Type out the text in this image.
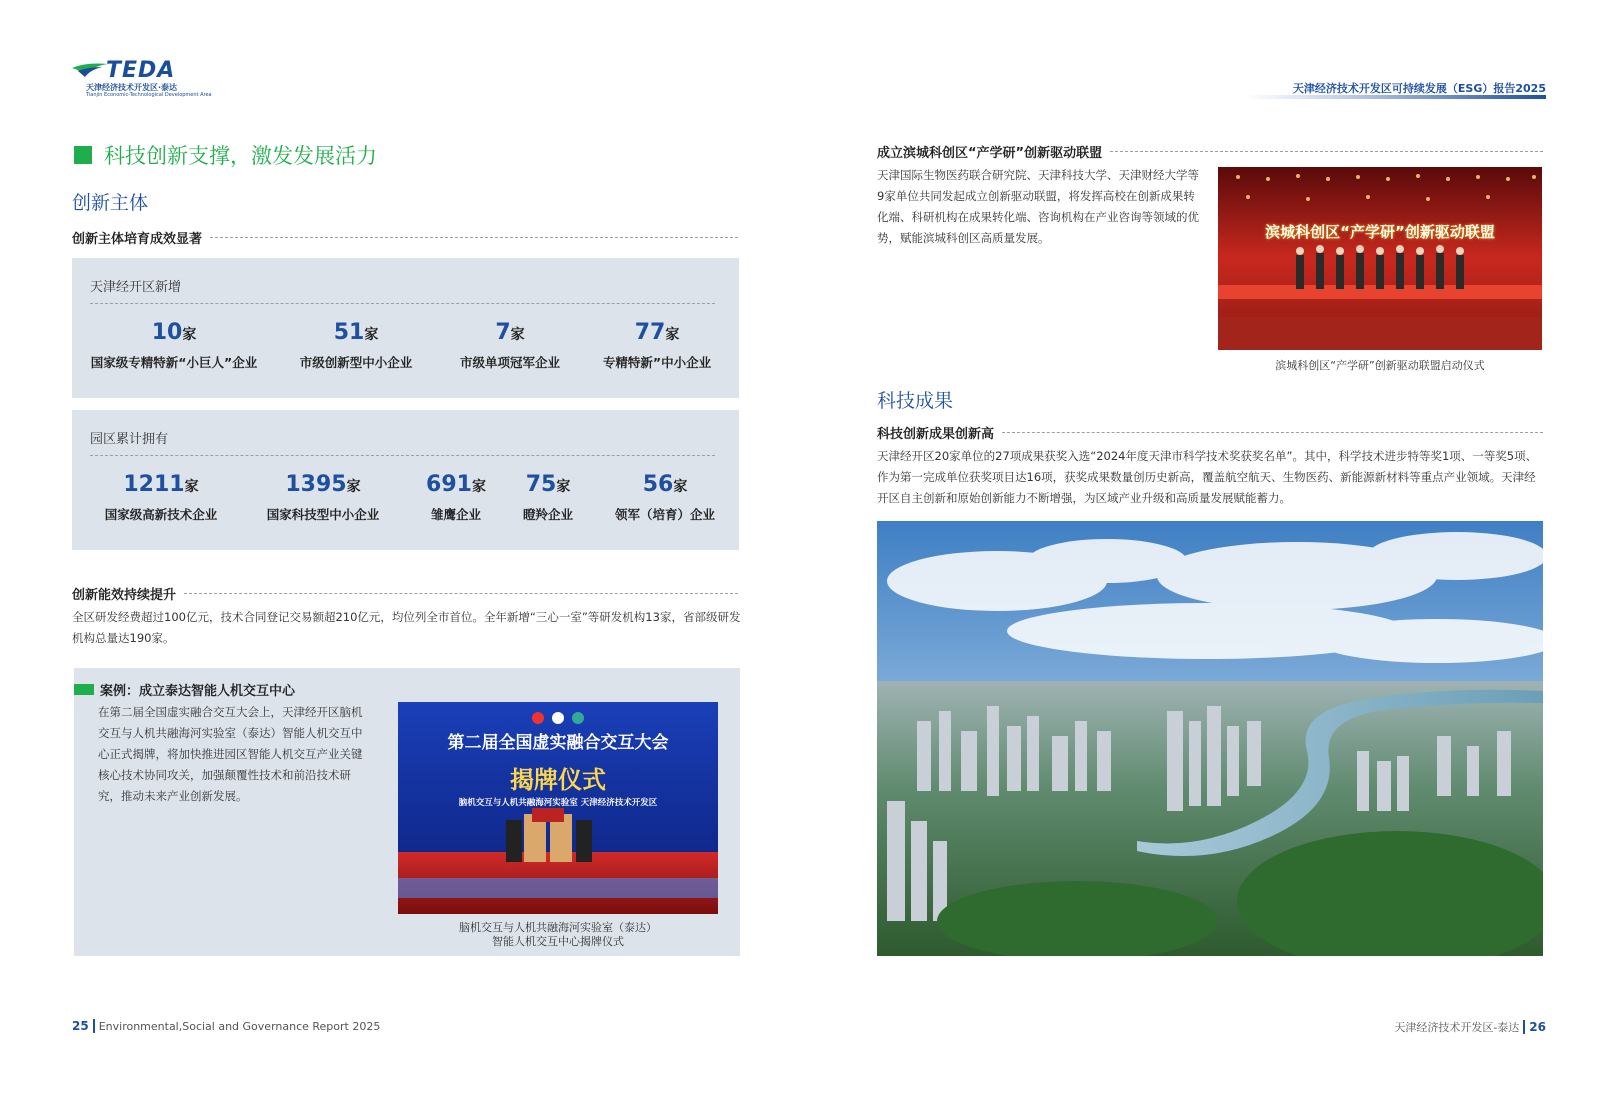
TEDA
天津经济技术开发区·泰达
Tianjin Economic-Technological Development Area	天津经济技术开发区可持续发展（ESG）报告2025
科技创新支撑，激发发展活力
创新主体
创新主体培育成效显著
天津经开区新增
10家
国家级专精特新“小巨人”企业
51家
市级创新型中小企业
7家
市级单项冠军企业
77家
专精特新”中小企业
园区累计拥有
1211家
国家级高新技术企业
1395家
国家科技型中小企业
691家
雏鹰企业
75家
瞪羚企业
56家
领军（培育）企业
创新能效持续提升
全区研发经费超过100亿元，技术合同登记交易额超210亿元，均位列全市首位。全年新增“三心一室”等研发机构13家，省部级研发机构总量达190家。
案例：成立泰达智能人机交互中心
在第二届全国虚实融合交互大会上，天津经开区脑机交互与人机共融海河实验室（泰达）智能人机交互中心正式揭牌，将加快推进园区智能人机交互产业关键核心技术协同攻关，加强颠覆性技术和前沿技术研究，推动未来产业创新发展。
第二届全国虚实融合交互大会
揭牌仪式
脑机交互与人机共融海河实验室 天津经济技术开发区
脑机交互与人机共融海河实验室（泰达）
智能人机交互中心揭牌仪式
成立滨城科创区“产学研”创新驱动联盟
天津国际生物医药联合研究院、天津科技大学、天津财经大学等9家单位共同发起成立创新驱动联盟，将发挥高校在创新成果转化端、科研机构在成果转化端、咨询机构在产业咨询等领域的优势，赋能滨城科创区高质量发展。	滨城科创区“产学研”创新驱动联盟
滨城科创区“产学研”创新驱动联盟启动仪式
科技成果
科技创新成果创新高
天津经开区20家单位的27项成果获奖入选“2024年度天津市科学技术奖获奖名单”。其中，科学技术进步特等奖1项、一等奖5项、作为第一完成单位获奖项目达16项，获奖成果数量创历史新高，覆盖航空航天、生物医药、新能源新材料等重点产业领域。天津经开区自主创新和原始创新能力不断增强，为区域产业升级和高质量发展赋能蓄力。
25 Environmental,Social and Governance Report 2025	天津经济技术开发区-泰达 26
